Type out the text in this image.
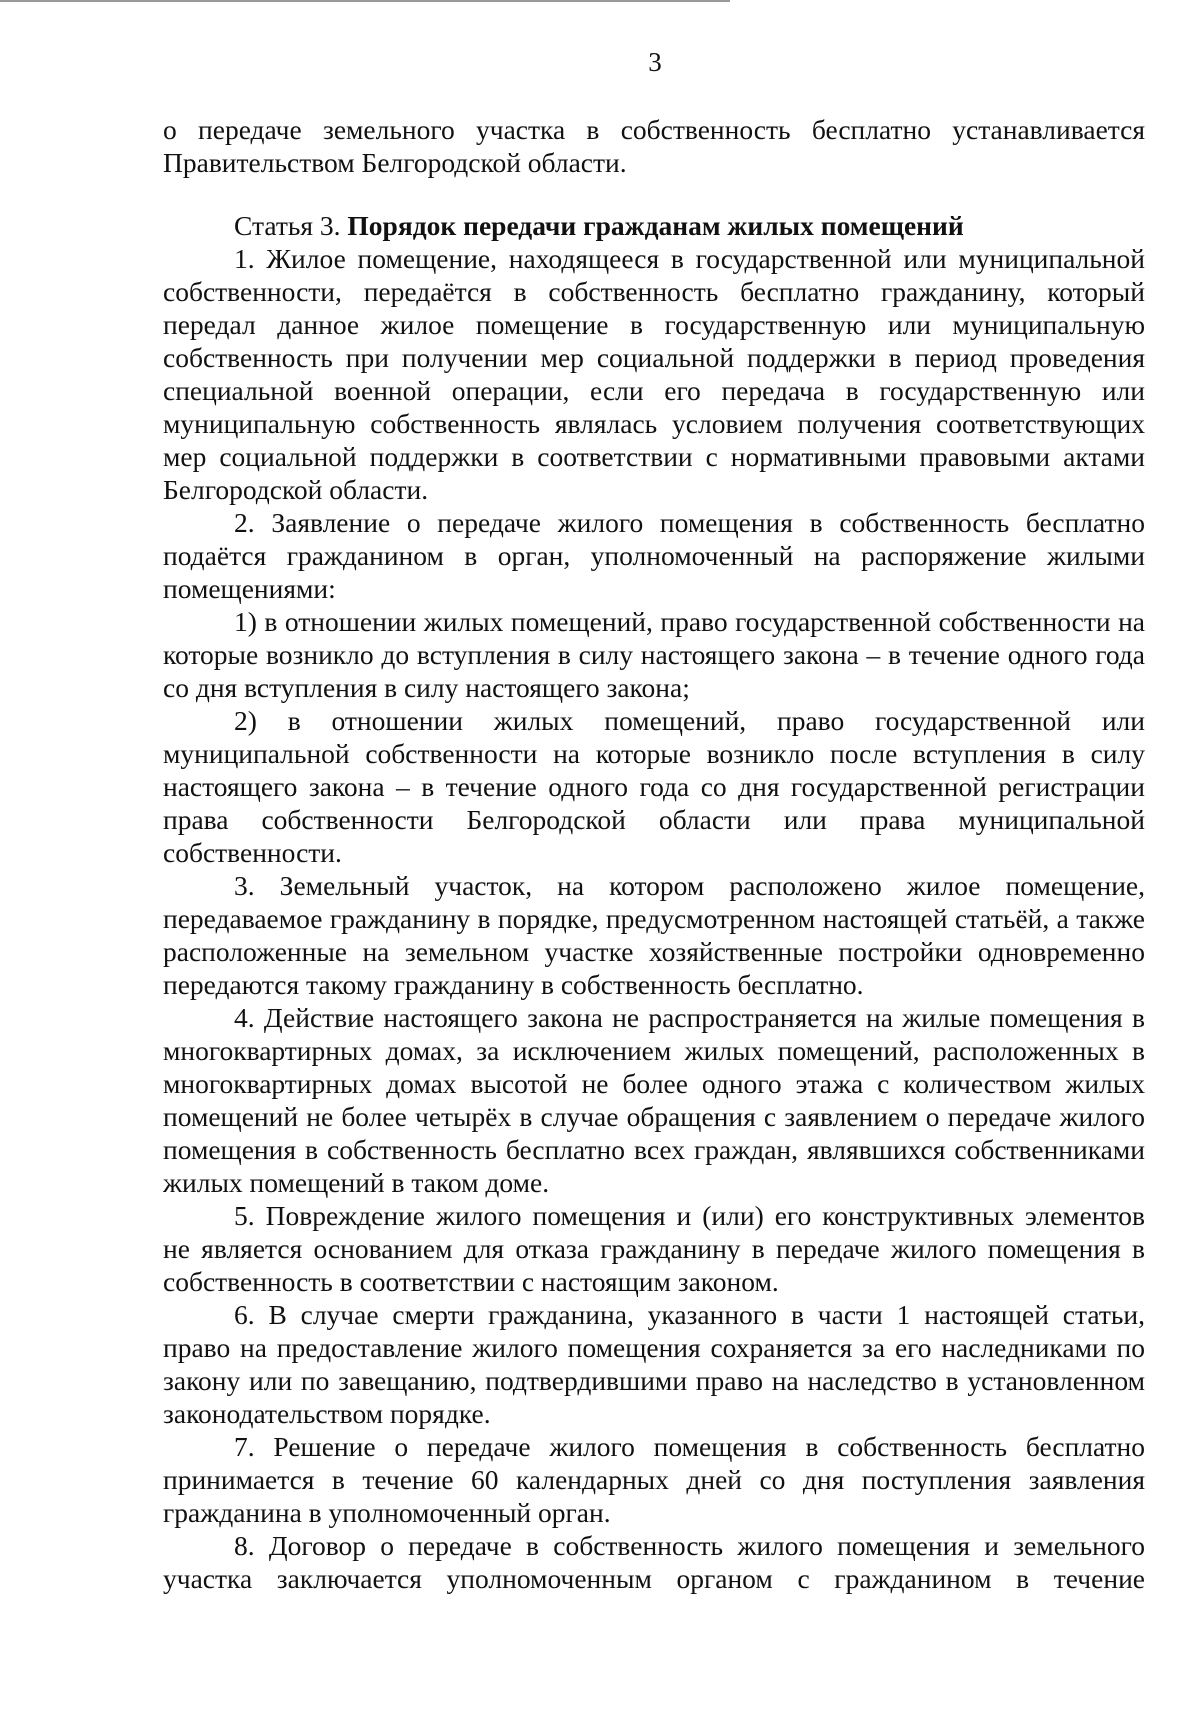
3

о передаче земельного участка в собственность бесплатно устанавливается Правительством Белгородской области.

Статья 3. Порядок передачи гражданам жилых помещений

1. Жилое помещение, находящееся в государственной или муниципальной собственности, передаётся в собственность бесплатно гражданину, который передал данное жилое помещение в государственную или муниципальную собственность при получении мер социальной поддержки в период проведения специальной военной операции, если его передача в государственную или муниципальную собственность являлась условием получения соответствующих мер социальной поддержки в соответствии с нормативными правовыми актами Белгородской области.

2. Заявление о передаче жилого помещения в собственность бесплатно подаётся гражданином в орган, уполномоченный на распоряжение жилыми помещениями:

1) в отношении жилых помещений, право государственной собственности на которые возникло до вступления в силу настоящего закона – в течение одного года со дня вступления в силу настоящего закона;

2) в отношении жилых помещений, право государственной или муниципальной собственности на которые возникло после вступления в силу настоящего закона – в течение одного года со дня государственной регистрации права собственности Белгородской области или права муниципальной собственности.

3. Земельный участок, на котором расположено жилое помещение, передаваемое гражданину в порядке, предусмотренном настоящей статьёй, а также расположенные на земельном участке хозяйственные постройки одновременно передаются такому гражданину в собственность бесплатно.

4. Действие настоящего закона не распространяется на жилые помещения в многоквартирных домах, за исключением жилых помещений, расположенных в многоквартирных домах высотой не более одного этажа с количеством жилых помещений не более четырёх в случае обращения с заявлением о передаче жилого помещения в собственность бесплатно всех граждан, являвшихся собственниками жилых помещений в таком доме.

5. Повреждение жилого помещения и (или) его конструктивных элементов не является основанием для отказа гражданину в передаче жилого помещения в собственность в соответствии с настоящим законом.

6. В случае смерти гражданина, указанного в части 1 настоящей статьи, право на предоставление жилого помещения сохраняется за его наследниками по закону или по завещанию, подтвердившими право на наследство в установленном законодательством порядке.

7. Решение о передаче жилого помещения в собственность бесплатно принимается в течение 60 календарных дней со дня поступления заявления гражданина в уполномоченный орган.

8. Договор о передаче в собственность жилого помещения и земельного участка заключается уполномоченным органом с гражданином в течение
